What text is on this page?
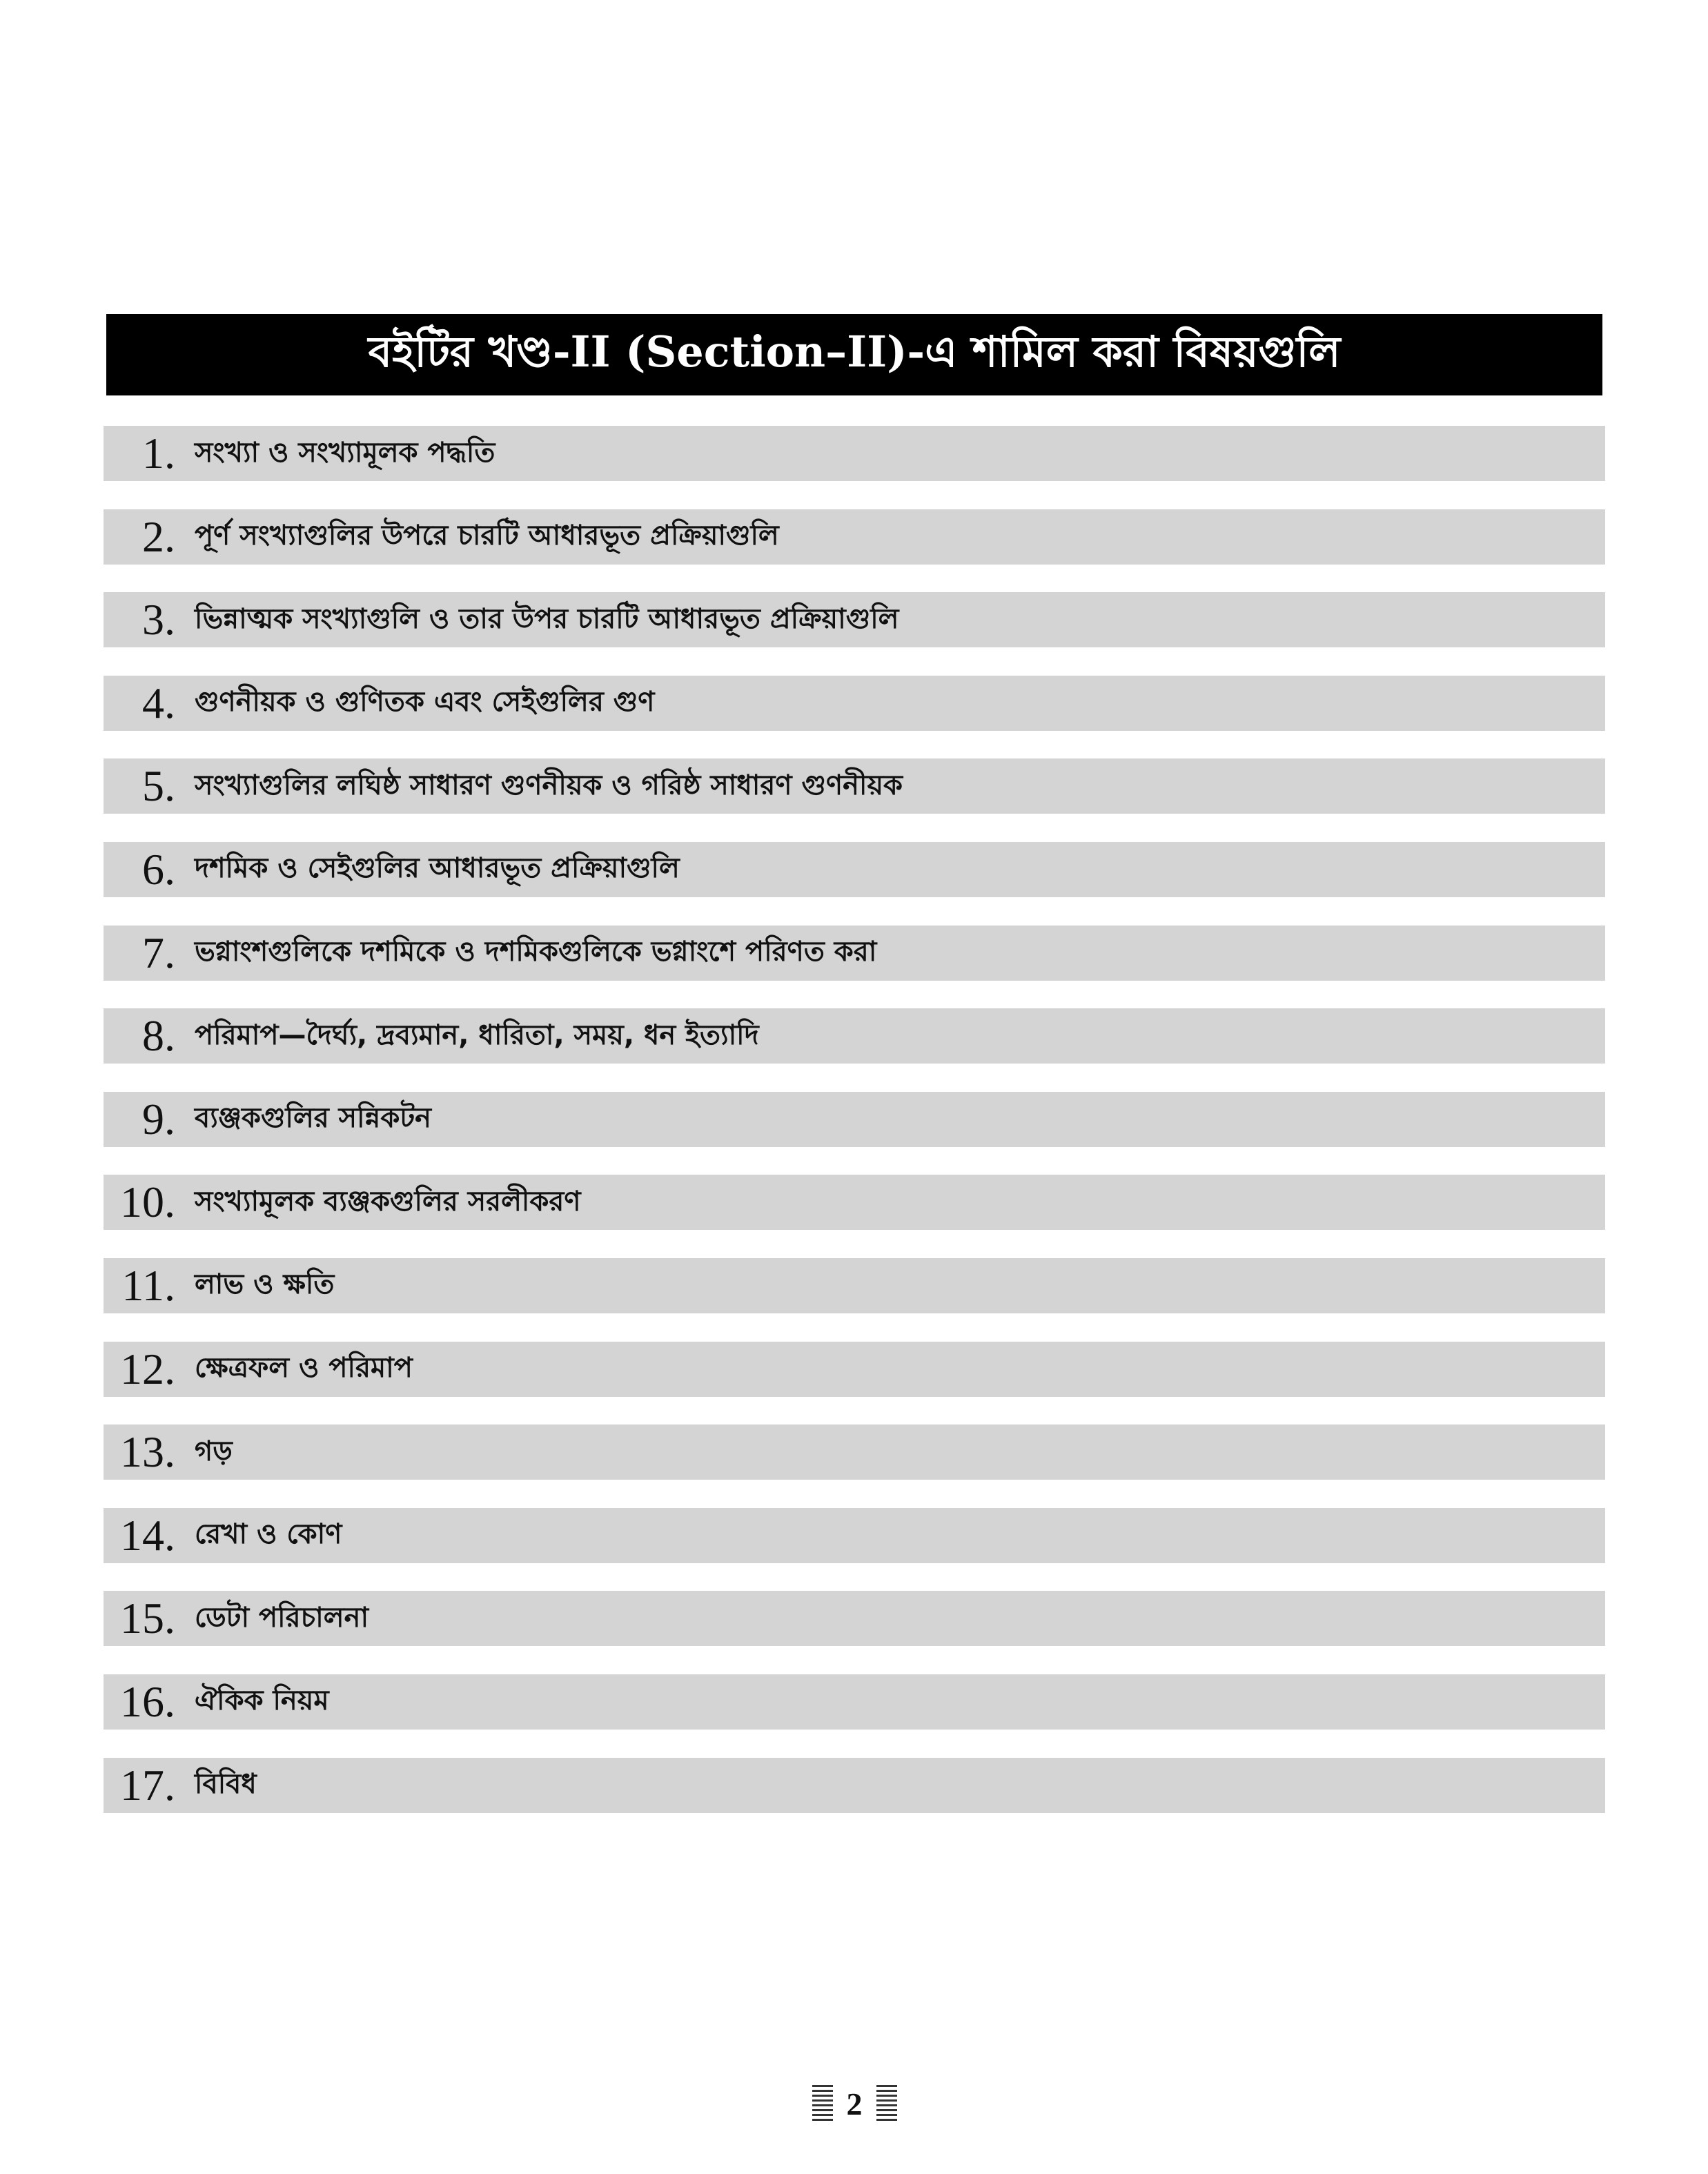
বইটির খণ্ড-II (Section–II)-এ শামিল করা বিষয়গুলি
1. সংখ্যা ও সংখ্যামূলক পদ্ধতি
2. পূর্ণ সংখ্যাগুলির উপরে চারটি আধারভূত প্রক্রিয়াগুলি
3. ভিন্নাত্মক সংখ্যাগুলি ও তার উপর চারটি আধারভূত প্রক্রিয়াগুলি
4. গুণনীয়ক ও গুণিতক এবং সেইগুলির গুণ
5. সংখ্যাগুলির লঘিষ্ঠ সাধারণ গুণনীয়ক ও গরিষ্ঠ সাধারণ গুণনীয়ক
6. দশমিক ও সেইগুলির আধারভূত প্রক্রিয়াগুলি
7. ভগ্নাংশগুলিকে দশমিকে ও দশমিকগুলিকে ভগ্নাংশে পরিণত করা
8. পরিমাপ—দৈর্ঘ্য, দ্রব্যমান, ধারিতা, সময়, ধন ইত্যাদি
9. ব্যঞ্জকগুলির সন্নিকটন
10. সংখ্যামূলক ব্যঞ্জকগুলির সরলীকরণ
11. লাভ ও ক্ষতি
12. ক্ষেত্রফল ও পরিমাপ
13. গড়
14. রেখা ও কোণ
15. ডেটা পরিচালনা
16. ঐকিক নিয়ম
17. বিবিধ
2
